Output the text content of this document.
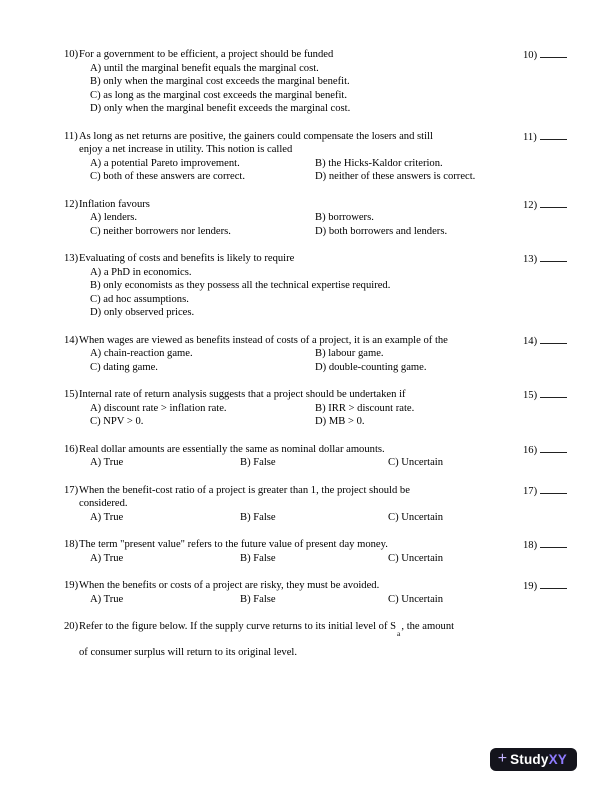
10) For a government to be efficient, a project should be funded
A) until the marginal benefit equals the marginal cost.
B) only when the marginal cost exceeds the marginal benefit.
C) as long as the marginal cost exceeds the marginal benefit.
D) only when the marginal benefit exceeds the marginal cost.
10)
11) As long as net returns are positive, the gainers could compensate the losers and still
enjoy a net increase in utility. This notion is called
A) a potential Pareto improvement.	B) the Hicks-Kaldor criterion.
C) both of these answers are correct.	D) neither of these answers is correct.
11)
12) Inflation favours
A) lenders.	B) borrowers.
C) neither borrowers nor lenders.	D) both borrowers and lenders.
12)
13) Evaluating of costs and benefits is likely to require
A) a PhD in economics.
B) only economists as they possess all the technical expertise required.
C) ad hoc assumptions.
D) only observed prices.
13)
14) When wages are viewed as benefits instead of costs of a project, it is an example of the
A) chain-reaction game.	B) labour game.
C) dating game.	D) double-counting game.
14)
15) Internal rate of return analysis suggests that a project should be undertaken if
A) discount rate > inflation rate.	B) IRR > discount rate.
C) NPV > 0.	D) MB > 0.
15)
16) Real dollar amounts are essentially the same as nominal dollar amounts.
A) True	B) False	C) Uncertain
16)
17) When the benefit-cost ratio of a project is greater than 1, the project should be
considered.
A) True	B) False	C) Uncertain
17)
18) The term "present value" refers to the future value of present day money.
A) True	B) False	C) Uncertain
18)
19) When the benefits or costs of a project are risky, they must be avoided.
A) True	B) False	C) Uncertain
19)
20) Refer to the figure below. If the supply curve returns to its initial level of $S_a$, the amount
of consumer surplus will return to its original level.
+ StudyXY
